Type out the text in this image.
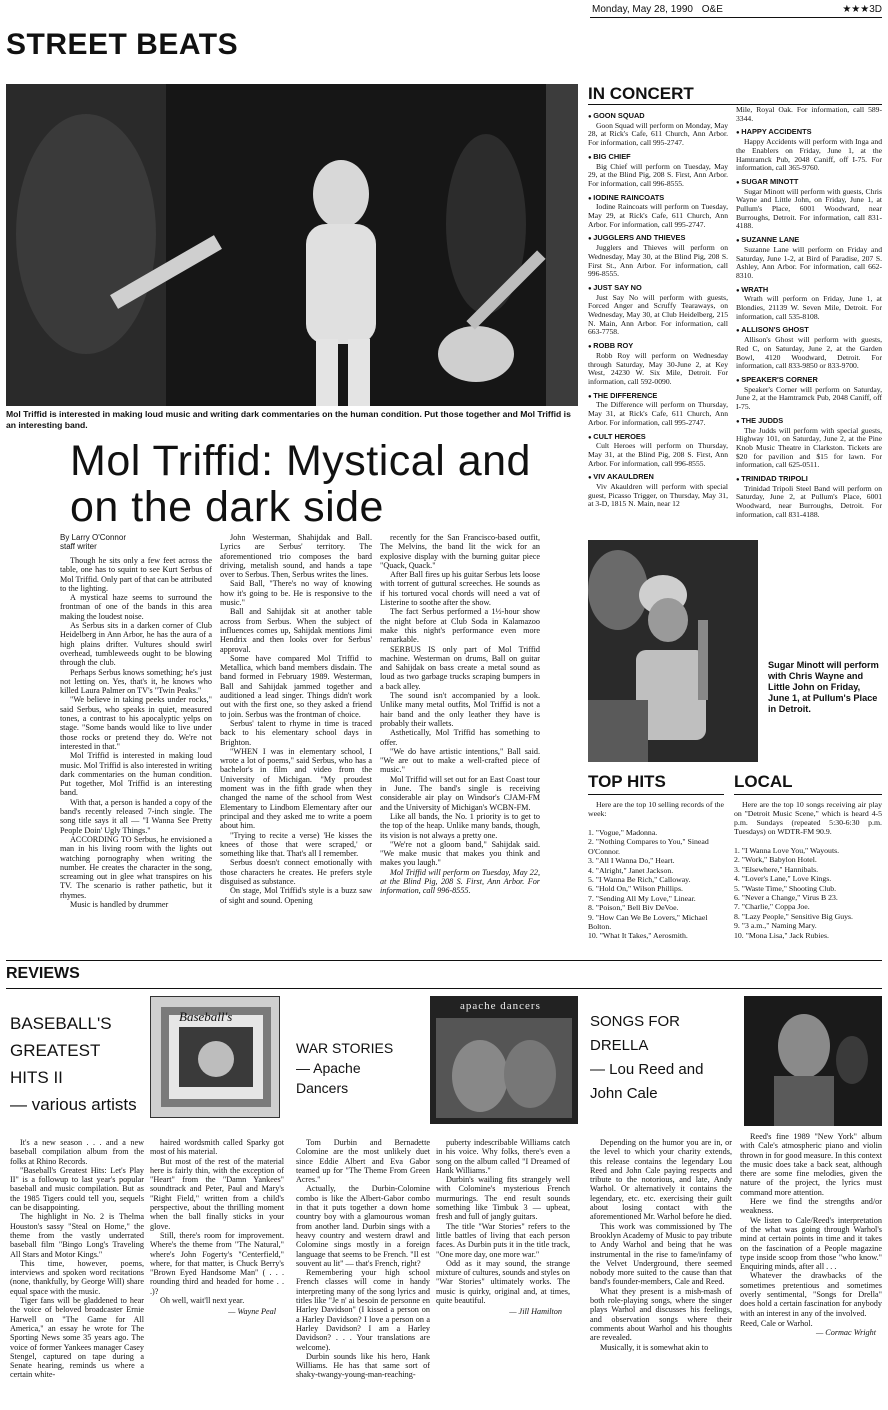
Monday, May 28, 1990 O&E	★★★3D
STREET BEATS
Mol Triffid is interested in making loud music and writing dark commentaries on the human condition. Put those together and Mol Triffid is an interesting band.
Mol Triffid: Mystical and on the dark side
By Larry O'Connor
staff writer

Though he sits only a few feet across the table, one has to squint to see Kurt Serbus of Mol Triffid. Only part of that can be attributed to the lighting.

A mystical haze seems to surround the frontman of one of the bands in this area making the loudest noise.

As Serbus sits in a darken corner of Club Heidelberg in Ann Arbor, he has the aura of a high plains drifter. Vultures should swirl overhead, tumbleweeds ought to be blowing through the club.

Perhaps Serbus knows something; he's just not letting on. Yes, that's it, he knows who killed Laura Palmer on TV's "Twin Peaks."

"We believe in taking peeks under rocks," said Serbus, who speaks in quiet, measured tones, a contrast to his apocalyptic yelps on stage. "Some bands would like to live under those rocks or pretend they do. We're not interested in that."

Mol Triffid is interested in making loud music. Mol Triffid is also interested in writing dark commentaries on the human condition. Put together, Mol Triffid is an interesting band.

With that, a person is handed a copy of the band's recently released 7-inch single. The song title says it all — "I Wanna See Pretty People Doin' Ugly Things."

ACCORDING TO Serbus, he envisioned a man in his living room with the lights out watching pornography when writing the number. He creates the character in the song, screaming out in glee what transpires on his TV. The scenario is rather pathetic, but it rhymes.

Music is handled by drummer

John Westerman, Shahijdak and Ball. Lyrics are Serbus' territory. The aforementioned trio composes the bard driving, metalish sound, and hands a tape over to Serbus. Then, Serbus writes the lines.

Said Ball, "There's no way of knowing how it's going to be. He is responsive to the music."

Ball and Sahijdak sit at another table across from Serbus. When the subject of influences comes up, Sahijdak mentions Jimi Hendrix and then looks over for Serbus' approval.

Some have compared Mol Triffid to Metallica, which band members disdain. The band formed in February 1989. Westerman, Ball and Sahijdak jammed together and auditioned a lead singer. Things didn't work out with the first one, so they asked a friend to join. Serbus was the frontman of choice.

Serbus' talent to rhyme in time is traced back to his elementary school days in Brighton.

"WHEN I was in elementary school, I wrote a lot of poems," said Serbus, who has a bachelor's in film and video from the University of Michigan. "My proudest moment was in the fifth grade when they changed the name of the school from West Elementary to Lindbom Elementary after our principal and they asked me to write a poem about him.

"Trying to recite a verse) 'He kisses the knees of those that were scraped,' or something like that. That's all I remember.

Serbus doesn't connect emotionally with those characters he creates. He prefers style disguised as substance.

On stage, Mol Triffid's style is a buzz saw of sight and sound. Opening

recently for the San Francisco-based outfit, The Melvins, the band lit the wick for an explosive display with the burning guitar piece "Quack, Quack."

After Ball fires up his guitar Serbus lets loose with torrent of guttural screeches. He sounds as if his tortured vocal chords will need a vat of Listerine to soothe after the show.

The fact Serbus performed a 1½-hour show the night before at Club Soda in Kalamazoo make this night's performance even more remarkable.

SERBUS IS only part of Mol Triffid machine. Westerman on drums, Ball on guitar and Sahijdak on bass create a metal sound as loud as two garbage trucks scraping bumpers in a back alley.

The sound isn't accompanied by a look. Unlike many metal outfits, Mol Triffid is not a hair band and the only leather they have is probably their wallets.

Asthetically, Mol Triffid has something to offer.

"We do have artistic intentions," Ball said. "We are out to make a well-crafted piece of music."

Mol Triffid will set out for an East Coast tour in June. The band's single is receiving considerable air play on Windsor's CJAM-FM and the University of Michigan's WCBN-FM.

Like all bands, the No. 1 priority is to get to the top of the heap. Unlike many bands, though, its vision is not always a pretty one.

"We're not a gloom band," Sahijdak said. "We make music that makes you think and makes you laugh."

Mol Triffid will perform on Tuesday, May 22, at the Blind Pig, 208 S. First, Ann Arbor. For information, call 996-8555.

IN CONCERT
● GOON SQUAD
Goon Squad will perform on Monday, May 28, at Rick's Cafe, 611 Church, Ann Arbor. For information, call 995-2747.
● BIG CHIEF
Big Chief will perform on Tuesday, May 29, at the Blind Pig, 208 S. First, Ann Arbor. For information, call 996-8555.
● IODINE RAINCOATS
Iodine Raincoats will perform on Tuesday, May 29, at Rick's Cafe, 611 Church, Ann Arbor. For information, call 995-2747.
● JUGGLERS AND THIEVES
Jugglers and Thieves will perform on Wednesday, May 30, at the Blind Pig, 208 S. First St., Ann Arbor. For information, call 996-8555.
● JUST SAY NO
Just Say No will perform with guests, Forced Anger and Scruffy Tearaways, on Wednesday, May 30, at Club Heidelberg, 215 N. Main, Ann Arbor. For information, call 663-7758.
● ROBB ROY
Robb Roy will perform on Wednesday through Saturday, May 30-June 2, at Key West, 24230 W. Six Mile, Detroit. For information, call 592-0090.
● THE DIFFERENCE
The Difference will perform on Thursday, May 31, at Rick's Cafe, 611 Church, Ann Arbor. For information, call 995-2747.
● CULT HEROES
Cult Heroes will perform on Thursday, May 31, at the Blind Pig, 208 S. First, Ann Arbor. For information, call 996-8555.
● VIV AKAULDREN
Viv Akauldren will perform with special guest, Picasso Trigger, on Thursday, May 31, at 3-D, 1815 N. Main, near 12
Mile, Royal Oak. For information, call 589-3344.
● HAPPY ACCIDENTS
Happy Accidents will perform with Inga and the Enablers on Friday, June 1, at the Hamtramck Pub, 2048 Caniff, off I-75. For information, call 365-9760.
● SUGAR MINOTT
Sugar Minott will perform with guests, Chris Wayne and Little John, on Friday, June 1, at Pullum's Place, 6001 Woodward, near Burroughs, Detroit. For information, call 831-4188.
● SUZANNE LANE
Suzanne Lane will perform on Friday and Saturday, June 1-2, at Bird of Paradise, 207 S. Ashley, Ann Arbor. For information, call 662-8310.
● WRATH
Wrath will perform on Friday, June 1, at Blondies, 21139 W. Seven Mile, Detroit. For information, call 535-8108.
● ALLISON'S GHOST
Allison's Ghost will perform with guests, Red C, on Saturday, June 2, at the Garden Bowl, 4120 Woodward, Detroit. For information, call 833-9850 or 833-9700.
● SPEAKER'S CORNER
Speaker's Corner will perform on Saturday, June 2, at the Hamtramck Pub, 2048 Caniff, off I-75.
● THE JUDDS
The Judds will perform with special guests, Highway 101, on Saturday, June 2, at the Pine Knob Music Theatre in Clarkston. Tickets are $20 for pavilion and $15 for lawn. For information, call 625-0511.
● TRINIDAD TRIPOLI
Trinidad Tripoli Steel Band will perform on Saturday, June 2, at Pullum's Place, 6001 Woodward, near Burroughs, Detroit. For information, call 831-4188.
Sugar Minott will perform with Chris Wayne and Little John on Friday, June 1, at Pullum's Place in Detroit.
TOP HITS
Here are the top 10 selling records of the week:
1. "Vogue," Madonna.
2. "Nothing Compares to You," Sinead O'Connor.
3. "All I Wanna Do," Heart.
4. "Alright," Janet Jackson.
5. "I Wanna Be Rich," Calloway.
6. "Hold On," Wilson Phillips.
7. "Sending All My Love," Linear.
8. "Poison," Bell Biv DeVoe.
9. "How Can We Be Lovers," Michael Bolton.
10. "What It Takes," Aerosmith.
LOCAL
Here are the top 10 songs receiving air play on "Detroit Music Scene," which is heard 4-5 p.m. Sundays (repeated 5:30-6:30 p.m. Tuesdays) on WDTR-FM 90.9.
1. "I Wanna Love You," Wayouts.
2. "Work," Babylon Hotel.
3. "Elsewhere," Hannibals.
4. "Lover's Lane," Love Kings.
5. "Waste Time," Shooting Club.
6. "Never a Change," Virus B 23.
7. "Charlie," Coppa Joe.
8. "Lazy People," Sensitive Big Guys.
9. "3 a.m.," Naming Mary.
10. "Mona Lisa," Jack Rubies.
REVIEWS
BASEBALL'S
GREATEST
HITS II
— various artists
Baseball's

It's a new season . . . and a new baseball compilation album from the folks at Rhino Records.

"Baseball's Greatest Hits: Let's Play II" is a followup to last year's popular baseball and music compilation. But as the 1985 Tigers could tell you, sequels can be disappointing.

The highlight in No. 2 is Thelma Houston's sassy "Steal on Home," the theme from the vastly underrated baseball film "Bingo Long's Traveling All Stars and Motor Kings."

This time, however, poems, interviews and spoken word recitations (none, thankfully, by George Will) share equal space with the music.

Tiger fans will be gladdened to hear the voice of beloved broadcaster Ernie Harwell on "The Game for All America," an essay he wrote for The Sporting News some 35 years ago. The voice of former Yankees manager Casey Stengel, captured on tape during a Senate hearing, reminds us where a certain white-

haired wordsmith called Sparky got most of his material.

But most of the rest of the material here is fairly thin, with the exception of "Heart" from the "Damn Yankees" soundtrack and Peter, Paul and Mary's "Right Field," written from a child's perspective, about the thrilling moment when the ball finally sticks in your glove.

Still, there's room for improvement. Where's the theme from "The Natural," where's John Fogerty's "Centerfield," where, for that matter, is Chuck Berry's "Brown Eyed Handsome Man" ( . . . rounding third and headed for home . . .)?

Oh well, wait'll next year.

— Wayne Peal
WAR STORIES
— Apache
Dancers
apache dancers

Tom Durbin and Bernadette Colomine are the most unlikely duet since Eddie Albert and Eva Gabor teamed up for "The Theme From Green Acres."

Actually, the Durbin-Colomine combo is like the Albert-Gabor combo in that it puts together a down home country boy with a glamourous woman from another land. Durbin sings with a heavy country and western drawl and Colomine sings mostly in a foreign language that seems to be French. "Il est souvent au lit" — that's French, right?

Remembering your high school French classes will come in handy interpreting many of the song lyrics and titles like "Je n' ai besoin de personne en Harley Davidson" (I kissed a person on a Harley Davidson? I love a person on a Harley Davidson? I am a Harley Davidson? . . . Your translations are welcome).

Durbin sounds like his hero, Hank Williams. He has that same sort of shaky-twangy-young-man-reaching-

puberty indescribable Williams catch in his voice. Why folks, there's even a song on the album called "I Dreamed of Hank Williams."

Durbin's wailing fits strangely well with Colomine's mysterious French murmurings. The end result sounds something like Timbuk 3 — upbeat, fresh and full of jangly guitars.

The title "War Stories" refers to the little battles of living that each person faces. As Durbin puts it in the title track, "One more day, one more war."

Odd as it may sound, the strange mixture of cultures, sounds and styles on "War Stories" ultimately works. The music is quirky, original and, at times, quite beautiful.

— Jill Hamilton
SONGS FOR
DRELLA
— Lou Reed and
John Cale

Depending on the humor you are in, or the level to which your charity extends, this release contains the legendary Lou Reed and John Cale paying respects and tribute to the notorious, and late, Andy Warhol. Or alternatively it contains the legendary, etc. etc. exercising their guilt about losing contact with the aforementioned Mr. Warhol before he died.

This work was commissioned by The Brooklyn Academy of Music to pay tribute to Andy Warhol and being that he was instrumental in the rise to fame/infamy of the Velvet Underground, there seemed nobody more suited to the cause than that band's founder-members, Cale and Reed.

What they present is a mish-mash of both role-playing songs, where the singer plays Warhol and discusses his feelings, and observation songs where their comments about Warhol and his thoughts are revealed.

Musically, it is somewhat akin to

Reed's fine 1989 "New York" album with Cale's atmospheric piano and violin thrown in for good measure. In this context the music does take a back seat, although there are some fine melodies, given the nature of the project, the lyrics must command more attention.

Here we find the strengths and/or weakness.

We listen to Cale/Reed's interpretation of the what was going through Warhol's mind at certain points in time and it takes on the fascination of a People magazine type inside scoop from those "who know." Enquiring minds, after all . . .

Whatever the drawbacks of the sometimes pretentious and sometimes overly sentimental, "Songs for Drella" does hold a certain fascination for anybody with an interest in any of the involved.

Reed, Cale or Warhol.
— Cormac Wright
